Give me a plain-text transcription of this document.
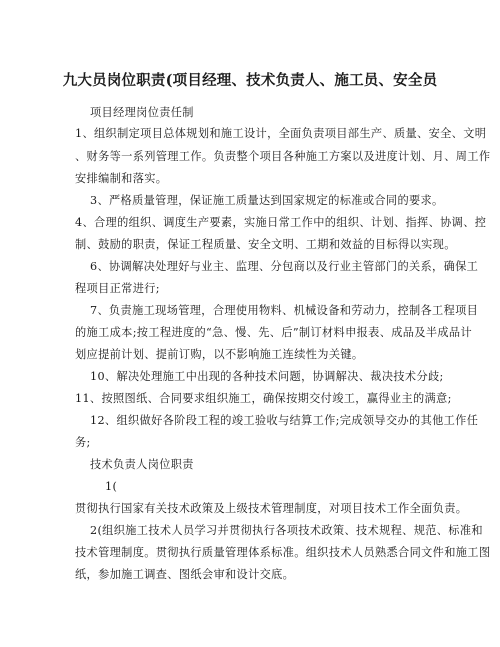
九大员岗位职责(项目经理、技术负责人、施工员、安全员
项目经理岗位责任制
1、组织制定项目总体规划和施工设计，全面负责项目部生产、质量、安全、文明
、财务等一系列管理工作。负责整个项目各种施工方案以及进度计划、月、周工作
安排编制和落实。
3、严格质量管理，保证施工质量达到国家规定的标准或合同的要求。
4、合理的组织、调度生产要素，实施日常工作中的组织、计划、指挥、协调、控
制、鼓励的职责，保证工程质量、安全文明、工期和效益的目标得以实现。
6、协调解决处理好与业主、监理、分包商以及行业主管部门的关系，确保工
程项目正常进行;
7、负责施工现场管理，合理使用物料、机械设备和劳动力，控制各工程项目
的施工成本;按工程进度的“急、慢、先、后”制订材料申报表、成品及半成品计
划应提前计划、提前订购，以不影响施工连续性为关键。
10、解决处理施工中出现的各种技术问题，协调解决、裁决技术分歧;
11、按照图纸、合同要求组织施工，确保按期交付竣工，赢得业主的满意;
12、组织做好各阶段工程的竣工验收与结算工作;完成领导交办的其他工作任
务;
技术负责人岗位职责
1(
贯彻执行国家有关技术政策及上级技术管理制度，对项目技术工作全面负责。
2(组织施工技术人员学习并贯彻执行各项技术政策、技术规程、规范、标准和
技术管理制度。贯彻执行质量管理体系标准。组织技术人员熟悉合同文件和施工图
纸，参加施工调查、图纸会审和设计交底。
